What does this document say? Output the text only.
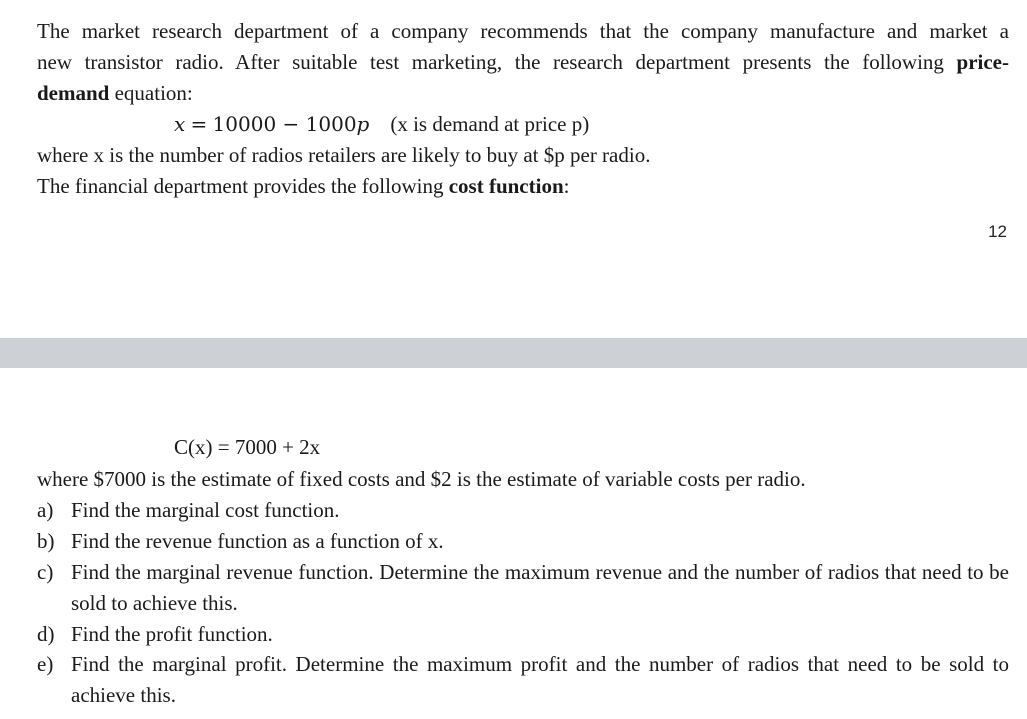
The market research department of a company recommends that the company manufacture and market a

new transistor radio. After suitable test marketing, the research department presents the following price-

demand equation:

x = 10000 − 1000p (x is demand at price p)

where x is the number of radios retailers are likely to buy at $p per radio.

The financial department provides the following cost function:

12

C(x) = 7000 + 2x

where $7000 is the estimate of fixed costs and $2 is the estimate of variable costs per radio.

a) Find the marginal cost function.
b) Find the revenue function as a function of x.
c) Find the marginal revenue function. Determine the maximum revenue and the number of radios that need to be sold to achieve this.
d) Find the profit function.
e) Find the marginal profit. Determine the maximum profit and the number of radios that need to be sold to achieve this.
